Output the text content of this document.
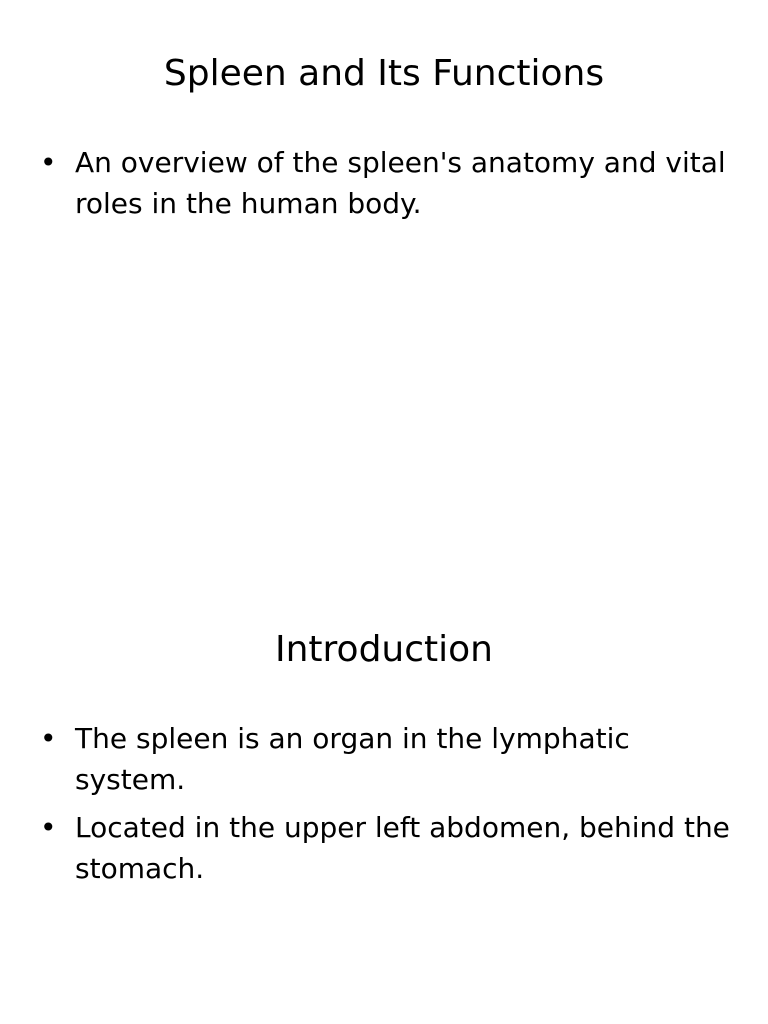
Spleen and Its Functions
• An overview of the spleen's anatomy and vital roles in the human body.
Introduction
• The spleen is an organ in the lymphatic system.
• Located in the upper left abdomen, behind the stomach.
